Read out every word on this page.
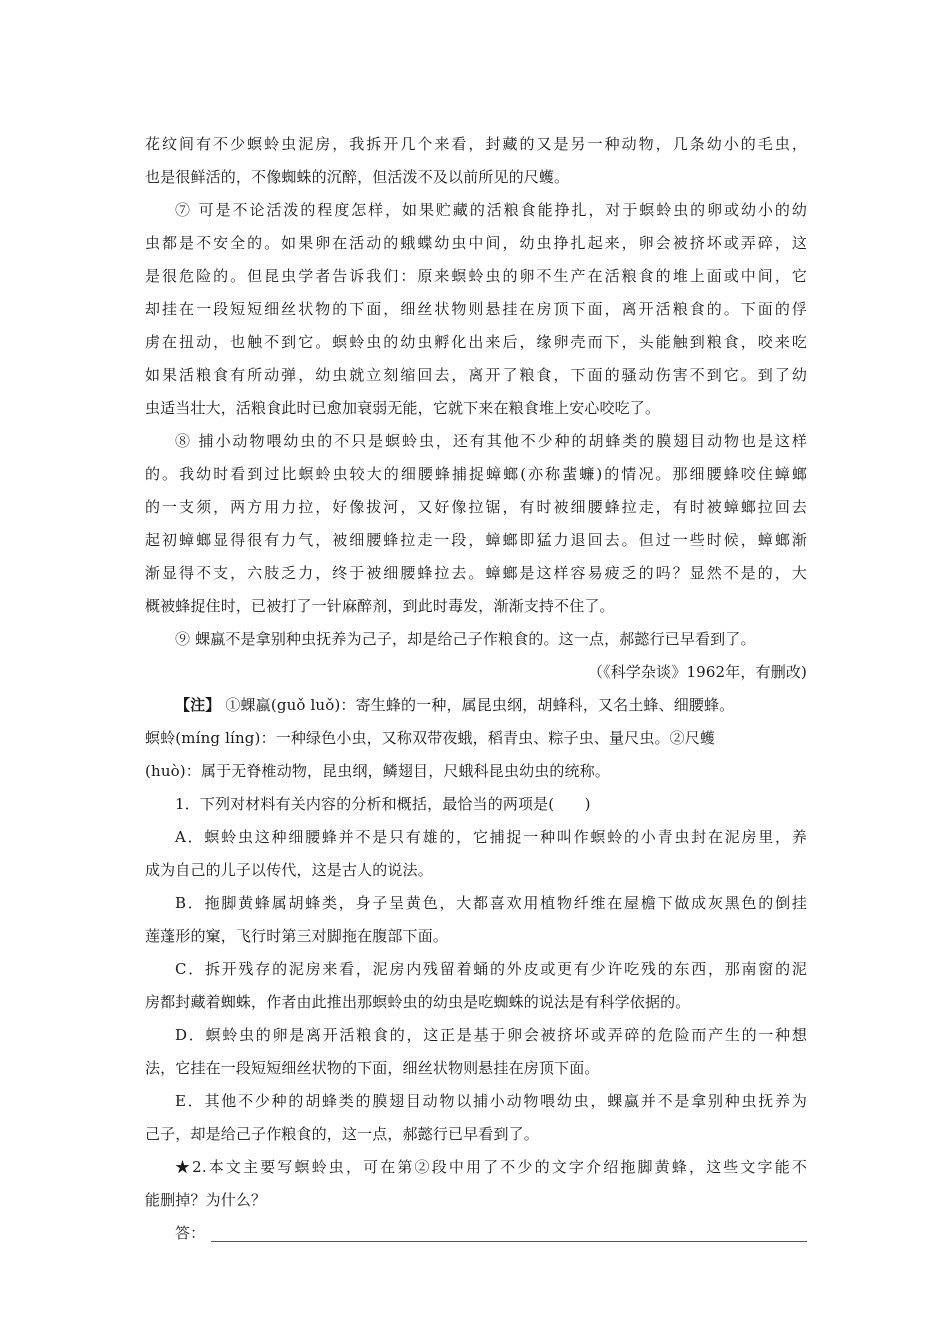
花纹间有不少螟蛉虫泥房，我拆开几个来看，封藏的又是另一种动物，几条幼小的毛虫，
也是很鲜活的，不像蜘蛛的沉醉，但活泼不及以前所见的尺蠖。
⑦ 可是不论活泼的程度怎样，如果贮藏的活粮食能挣扎，对于螟蛉虫的卵或幼小的幼
虫都是不安全的。如果卵在活动的蛾蝶幼虫中间，幼虫挣扎起来，卵会被挤坏或弄碎，这
是很危险的。但昆虫学者告诉我们：原来螟蛉虫的卵不生产在活粮食的堆上面或中间，它
却挂在一段短短细丝状物的下面，细丝状物则悬挂在房顶下面，离开活粮食的。下面的俘
虏在扭动，也触不到它。螟蛉虫的幼虫孵化出来后，缘卵壳而下，头能触到粮食，咬来吃
如果活粮食有所动弹，幼虫就立刻缩回去，离开了粮食，下面的骚动伤害不到它。到了幼
虫适当壮大，活粮食此时已愈加衰弱无能，它就下来在粮食堆上安心咬吃了。
⑧ 捕小动物喂幼虫的不只是螟蛉虫，还有其他不少种的胡蜂类的膜翅目动物也是这样
的。我幼时看到过比螟蛉虫较大的细腰蜂捕捉蟑螂(亦称蜚蠊)的情况。那细腰蜂咬住蟑螂
的一支须，两方用力拉，好像拔河，又好像拉锯，有时被细腰蜂拉走，有时被蟑螂拉回去
起初蟑螂显得很有力气，被细腰蜂拉走一段，蟑螂即猛力退回去。但过一些时候，蟑螂渐
渐显得不支，六肢乏力，终于被细腰蜂拉去。蟑螂是这样容易疲乏的吗？显然不是的，大
概被蜂捉住时，已被打了一针麻醉剂，到此时毒发，渐渐支持不住了。
⑨ 蜾蠃不是拿别种虫抚养为己子，却是给己子作粮食的。这一点，郝懿行已早看到了。
（《科学杂谈》1962年，有删改)
【注】 ①蜾蠃(guǒ luǒ)：寄生蜂的一种，属昆虫纲，胡蜂科，又名土蜂、细腰蜂。
螟蛉(míng líng)：一种绿色小虫，又称双带夜蛾，稻青虫、粽子虫、量尺虫。②尺蠖
(huò)：属于无脊椎动物，昆虫纲，鳞翅目，尺蛾科昆虫幼虫的统称。
1．下列对材料有关内容的分析和概括，最恰当的两项是(　　)
A．螟蛉虫这种细腰蜂并不是只有雄的，它捕捉一种叫作螟蛉的小青虫封在泥房里，养
成为自己的儿子以传代，这是古人的说法。
B．拖脚黄蜂属胡蜂类，身子呈黄色，大都喜欢用植物纤维在屋檐下做成灰黑色的倒挂
莲蓬形的窠，飞行时第三对脚拖在腹部下面。
C．拆开残存的泥房来看，泥房内残留着蛹的外皮或更有少许吃残的东西，那南窗的泥
房都封藏着蜘蛛，作者由此推出那螟蛉虫的幼虫是吃蜘蛛的说法是有科学依据的。
D．螟蛉虫的卵是离开活粮食的，这正是基于卵会被挤坏或弄碎的危险而产生的一种想
法，它挂在一段短短细丝状物的下面，细丝状物则悬挂在房顶下面。
E．其他不少种的胡蜂类的膜翅目动物以捕小动物喂幼虫，蜾蠃并不是拿别种虫抚养为
己子，却是给己子作粮食的，这一点，郝懿行已早看到了。
★2.本文主要写螟蛉虫，可在第②段中用了不少的文字介绍拖脚黄蜂，这些文字能不
能删掉？为什么？
答：
